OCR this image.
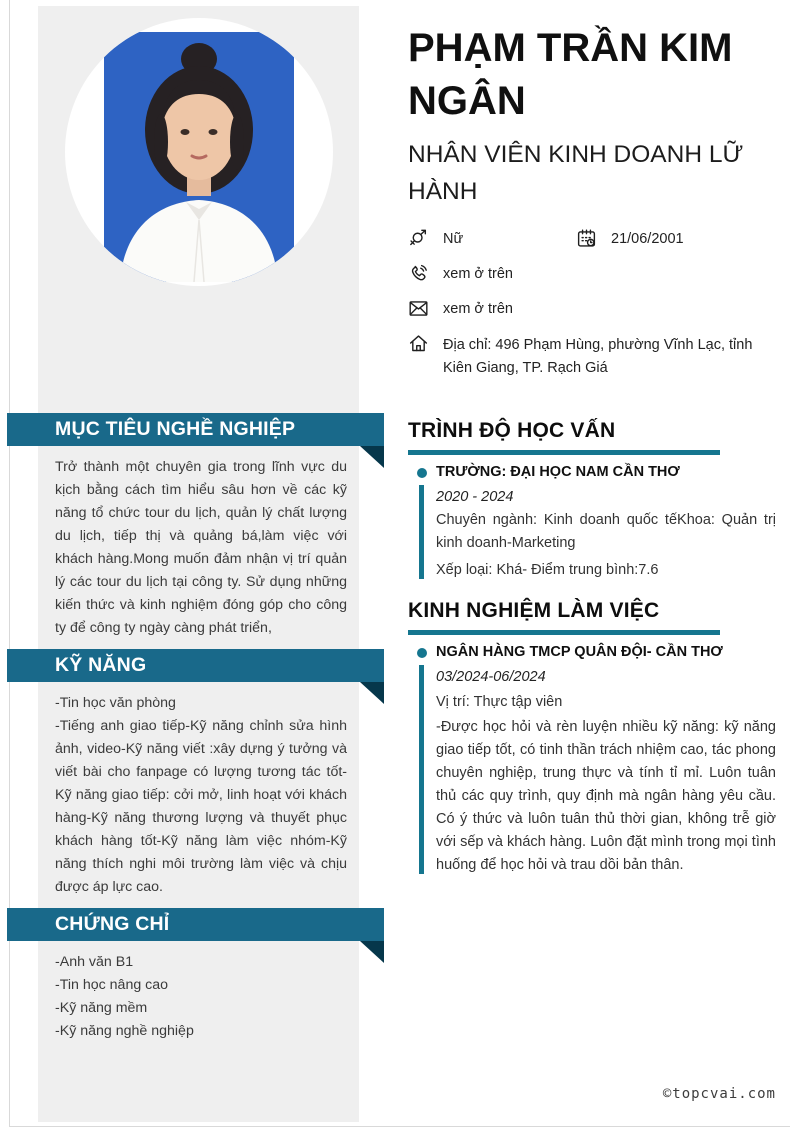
MỤC TIÊU NGHỀ NGHIỆP

Trở thành một chuyên gia trong lĩnh vực du kịch bằng cách tìm hiểu sâu hơn về các kỹ năng tổ chức tour du lịch, quản lý chất lượng du lịch, tiếp thị và quảng bá,làm việc với khách hàng.Mong muốn đảm nhận vị trí quản lý các tour du lịch tại công ty. Sử dụng những kiến thức và kinh nghiệm đóng góp cho công ty để công ty ngày càng phát triển,

KỸ NĂNG

-Tin học văn phòng

-Tiếng anh giao tiếp-Kỹ năng chỉnh sửa hình ảnh, video-Kỹ năng viết :xây dựng ý tưởng và viết bài cho fanpage có lượng tương tác tốt-Kỹ năng giao tiếp: cởi mở, linh hoạt với khách hàng-Kỹ năng thương lượng và thuyết phục khách hàng tốt-Kỹ năng làm việc nhóm-Kỹ năng thích nghi môi trường làm việc và chịu được áp lực cao.

CHỨNG CHỈ

-Anh văn B1

-Tin học nâng cao

-Kỹ năng mềm

-Kỹ năng nghề nghiệp

PHẠM TRẦN KIM NGÂN
NHÂN VIÊN KINH DOANH LỮ HÀNH
Nữ	21/06/2001
xem ở trên
xem ở trên
Địa chỉ: 496 Phạm Hùng, phường Vĩnh Lạc, tỉnh Kiên Giang, TP. Rạch Giá
TRÌNH ĐỘ HỌC VẤN
TRƯỜNG: ĐẠI HỌC NAM CẦN THƠ
2020 - 2024
Chuyên ngành: Kinh doanh quốc tếKhoa: Quản trị kinh doanh-Marketing
Xếp loại: Khá- Điểm trung bình:7.6
KINH NGHIỆM LÀM VIỆC
NGÂN HÀNG TMCP QUÂN ĐỘI- CẦN THƠ
03/2024-06/2024
Vị trí: Thực tập viên
-Được học hỏi và rèn luyện nhiều kỹ năng: kỹ năng giao tiếp tốt, có tinh thần trách nhiệm cao, tác phong chuyên nghiệp, trung thực và tính tỉ mỉ. Luôn tuân thủ các quy trình, quy định mà ngân hàng yêu cầu. Có ý thức và luôn tuân thủ thời gian, không trễ giờ với sếp và khách hàng. Luôn đặt mình trong mọi tình huống để học hỏi và trau dồi bản thân.
©topcvai.com
